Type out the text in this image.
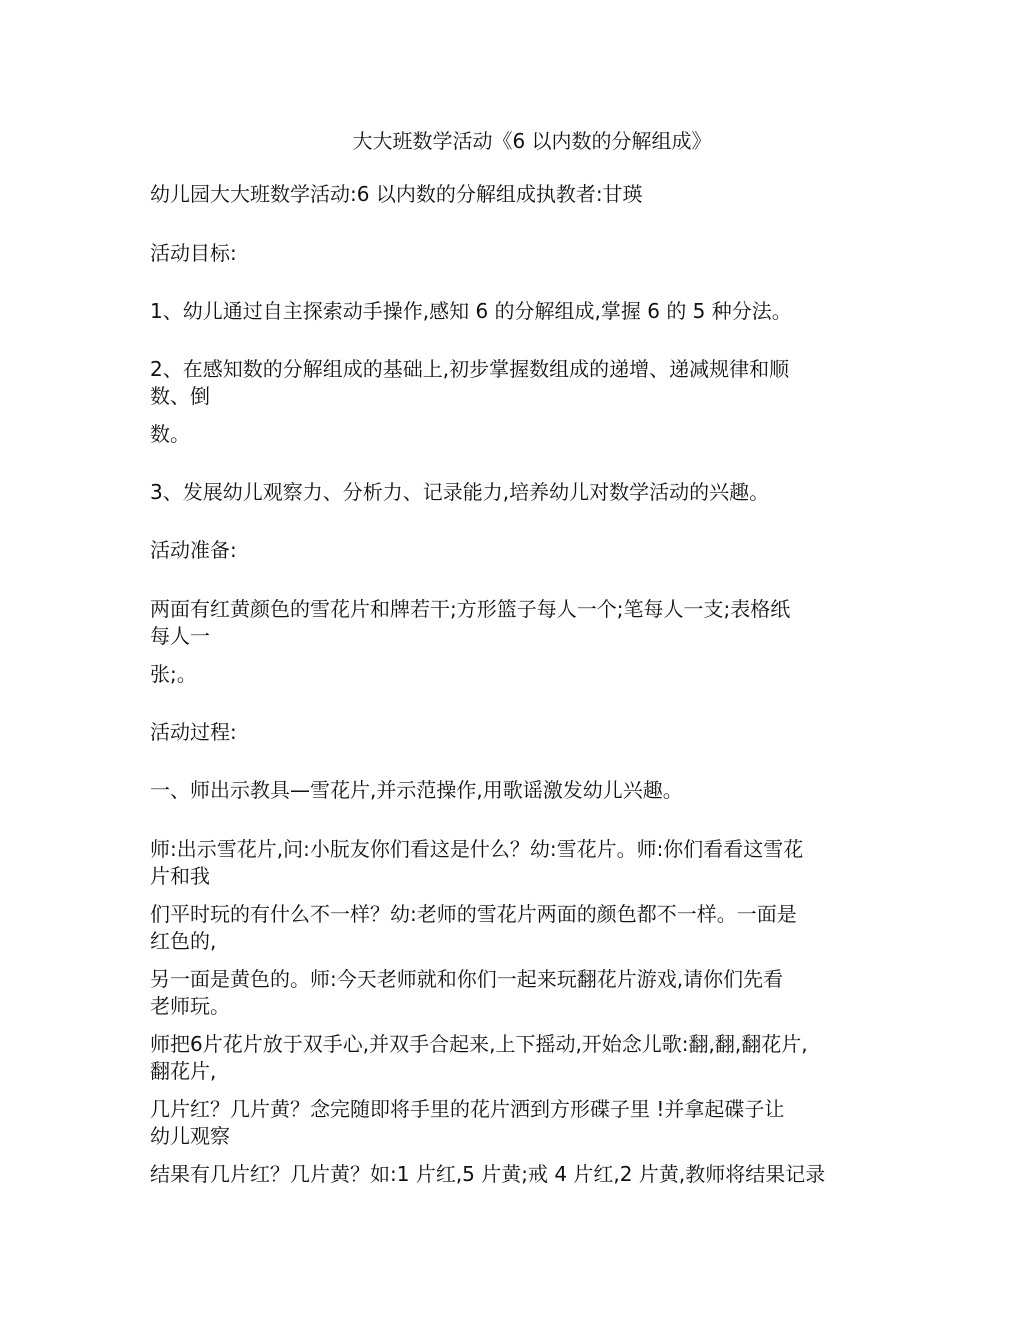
大大班数学活动《6 以内数的分解组成》
幼儿园大大班数学活动:6 以内数的分解组成执教者:甘瑛
活动目标:
1、幼儿通过自主探索动手操作,感知 6 的分解组成,掌握 6 的 5 种分法。
2、在感知数的分解组成的基础上,初步掌握数组成的递增、递减规律和顺
数、倒
数。
3、发展幼儿观察力、分析力、记录能力,培养幼儿对数学活动的兴趣。
活动准备:
两面有红黄颜色的雪花片和牌若干;方形篮子每人一个;笔每人一支;表格纸
每人一
张;。
活动过程:
一、师出示教具—雪花片,并示范操作,用歌谣激发幼儿兴趣。
师:出示雪花片,问:小朊友你们看这是什么？幼:雪花片。师:你们看看这雪花
片和我
们平时玩的有什么不一样？幼:老师的雪花片两面的颜色都不一样。一面是
红色的,
另一面是黄色的。师:今天老师就和你们一起来玩翻花片游戏,请你们先看
老师玩。
师把6片花片放于双手心,并双手合起来,上下摇动,开始念儿歌:翻,翻,翻花片,
翻花片,
几片红？几片黄？念完随即将手里的花片洒到方形碟子里 !并拿起碟子让
幼儿观察
结果有几片红？几片黄？如:1 片红,5 片黄;戒 4 片红,2 片黄,教师将结果记录
